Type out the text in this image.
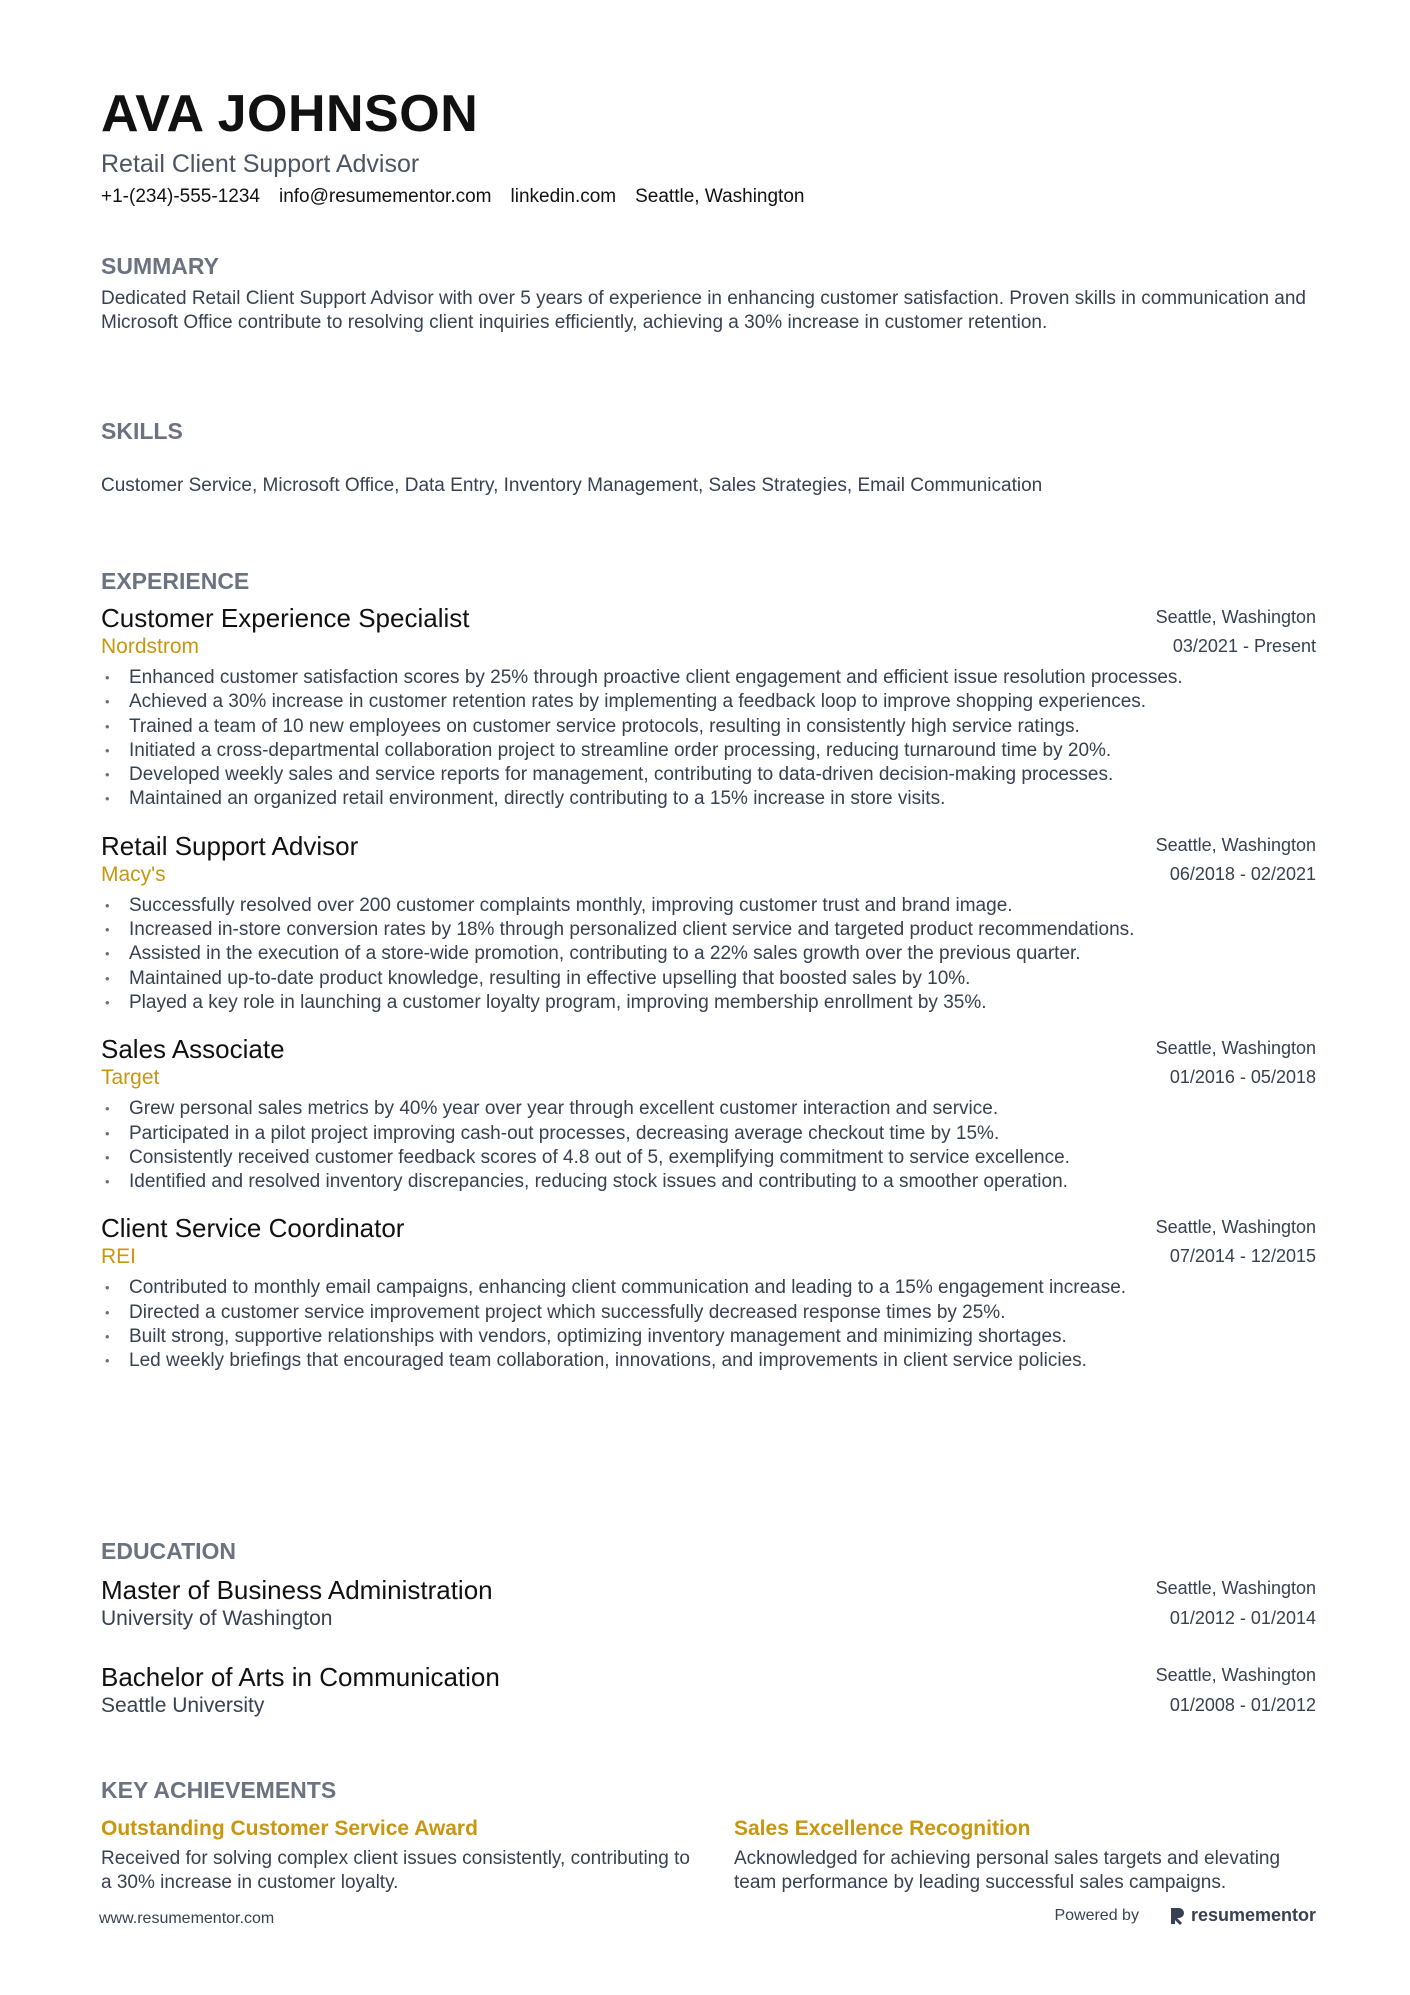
AVA JOHNSON
Retail Client Support Advisor
+1-(234)-555-1234 info@resumementor.com linkedin.com Seattle, Washington
SUMMARY
Dedicated Retail Client Support Advisor with over 5 years of experience in enhancing customer satisfaction. Proven skills in communication and Microsoft Office contribute to resolving client inquiries efficiently, achieving a 30% increase in customer retention.
SKILLS
Customer Service, Microsoft Office, Data Entry, Inventory Management, Sales Strategies, Email Communication
EXPERIENCE
Customer Experience Specialist
Nordstrom
Seattle, Washington
03/2021 - Present
• Enhanced customer satisfaction scores by 25% through proactive client engagement and efficient issue resolution processes.
• Achieved a 30% increase in customer retention rates by implementing a feedback loop to improve shopping experiences.
• Trained a team of 10 new employees on customer service protocols, resulting in consistently high service ratings.
• Initiated a cross-departmental collaboration project to streamline order processing, reducing turnaround time by 20%.
• Developed weekly sales and service reports for management, contributing to data-driven decision-making processes.
• Maintained an organized retail environment, directly contributing to a 15% increase in store visits.
Retail Support Advisor
Macy's
Seattle, Washington
06/2018 - 02/2021
• Successfully resolved over 200 customer complaints monthly, improving customer trust and brand image.
• Increased in-store conversion rates by 18% through personalized client service and targeted product recommendations.
• Assisted in the execution of a store-wide promotion, contributing to a 22% sales growth over the previous quarter.
• Maintained up-to-date product knowledge, resulting in effective upselling that boosted sales by 10%.
• Played a key role in launching a customer loyalty program, improving membership enrollment by 35%.
Sales Associate
Target
Seattle, Washington
01/2016 - 05/2018
• Grew personal sales metrics by 40% year over year through excellent customer interaction and service.
• Participated in a pilot project improving cash-out processes, decreasing average checkout time by 15%.
• Consistently received customer feedback scores of 4.8 out of 5, exemplifying commitment to service excellence.
• Identified and resolved inventory discrepancies, reducing stock issues and contributing to a smoother operation.
Client Service Coordinator
REI
Seattle, Washington
07/2014 - 12/2015
• Contributed to monthly email campaigns, enhancing client communication and leading to a 15% engagement increase.
• Directed a customer service improvement project which successfully decreased response times by 25%.
• Built strong, supportive relationships with vendors, optimizing inventory management and minimizing shortages.
• Led weekly briefings that encouraged team collaboration, innovations, and improvements in client service policies.
EDUCATION
Master of Business Administration
University of Washington
Seattle, Washington
01/2012 - 01/2014
Bachelor of Arts in Communication
Seattle University
Seattle, Washington
01/2008 - 01/2012
KEY ACHIEVEMENTS
Outstanding Customer Service Award
Received for solving complex client issues consistently, contributing to a 30% increase in customer loyalty.
Sales Excellence Recognition
Acknowledged for achieving personal sales targets and elevating team performance by leading successful sales campaigns.
www.resumementor.com	Powered by	resumementor
